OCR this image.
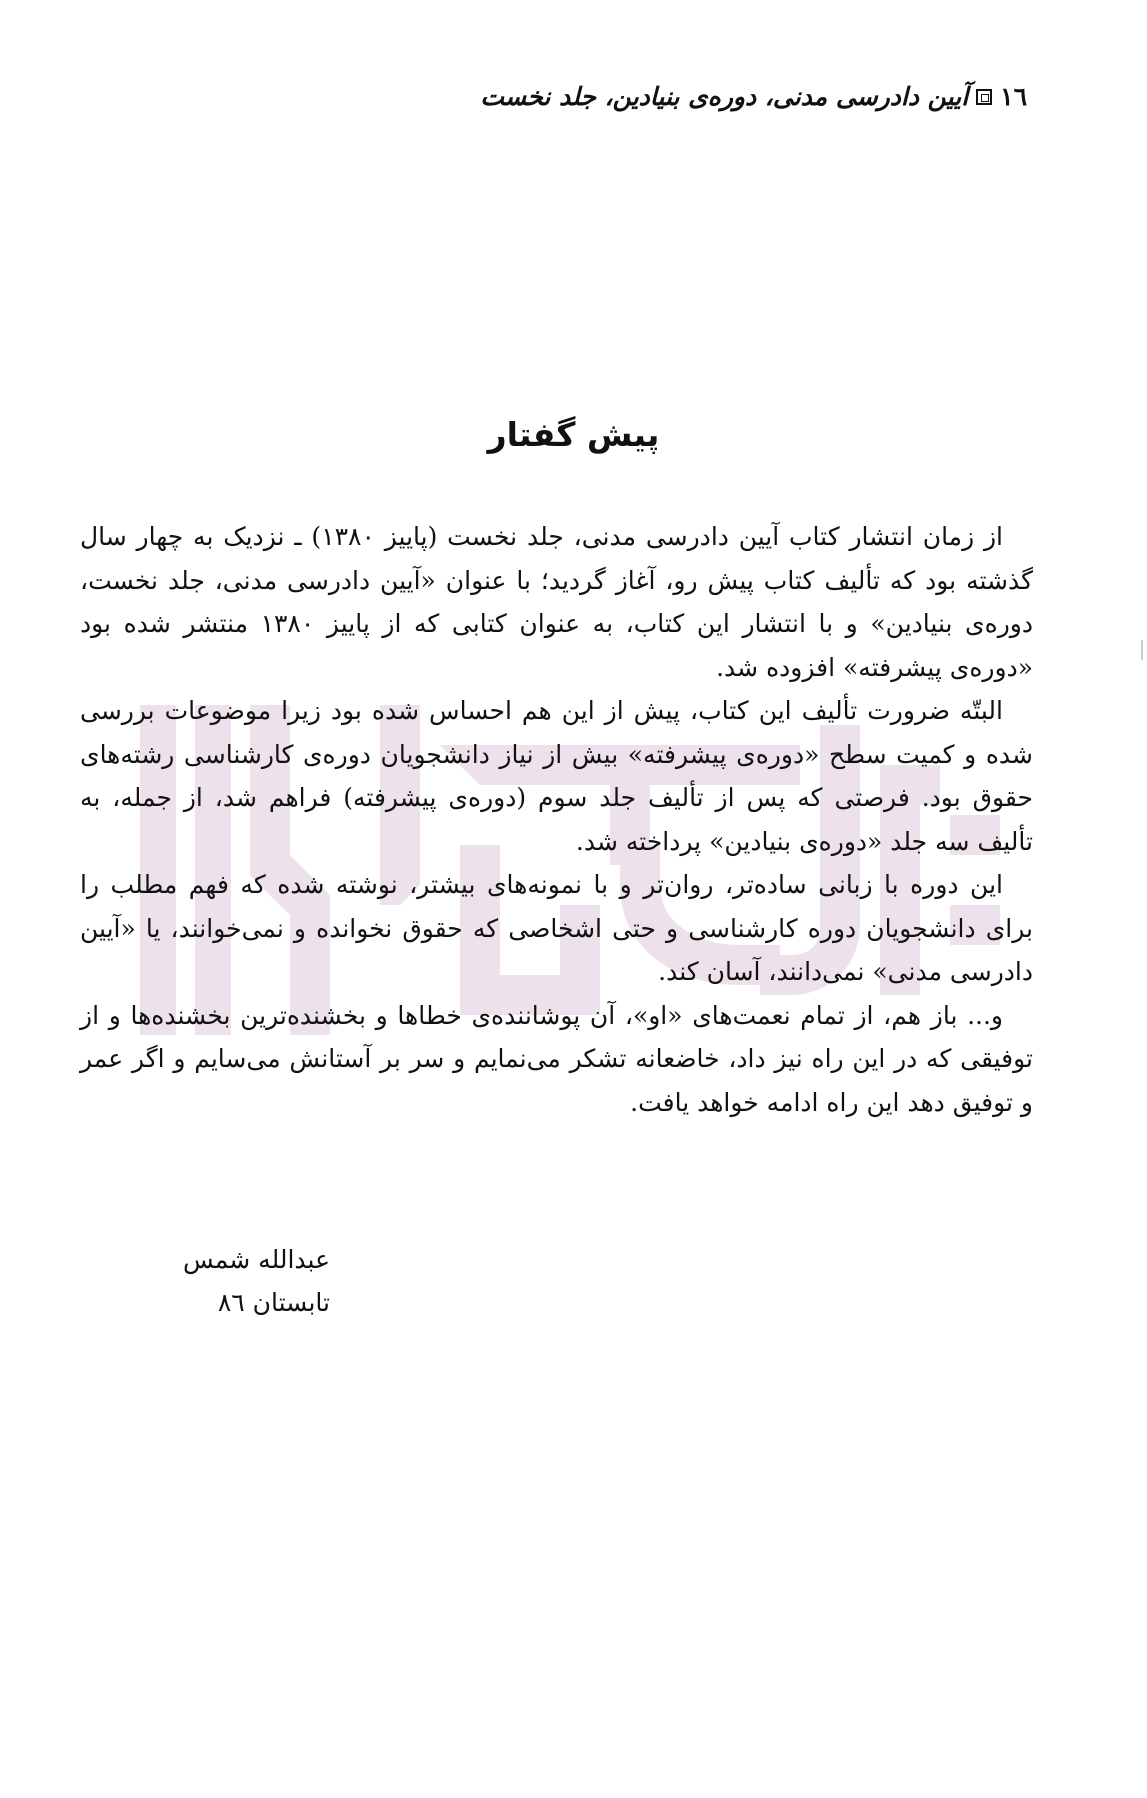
١٦
آیین دادرسی مدنی، دوره‌ی بنیادین، جلد نخست
پیش گفتار

از زمان انتشار کتاب آیین دادرسی مدنی، جلد نخست (پاییز ۱۳۸۰) ـ نزدیک به چهار سال گذشته بود که تألیف کتاب پیش رو، آغاز گردید؛ با عنوان «آیین دادرسی مدنی، جلد نخست، دوره‌ی بنیادین» و با انتشار این کتاب، به عنوان کتابی که از پاییز ۱۳۸۰ منتشر شده بود «دوره‌ی پیشرفته» افزوده شد.

البتّه ضرورت تألیف این کتاب، پیش از این هم احساس شده بود زیرا موضوعات بررسی شده و کمیت سطح «دوره‌ی پیشرفته» بیش از نیاز دانشجویان دوره‌ی کارشناسی رشته‌های حقوق بود. فرصتی که پس از تألیف جلد سوم (دوره‌ی پیشرفته) فراهم شد، از جمله، به تألیف سه جلد «دوره‌ی بنیادین» پرداخته شد.

این دوره با زبانی ساده‌تر، روان‌تر و با نمونه‌های بیشتر، نوشته شده که فهم مطلب را برای دانشجویان دوره کارشناسی و حتی اشخاصی که حقوق نخوانده و نمی‌خوانند، یا «آیین دادرسی مدنی» نمی‌دانند، آسان کند.

و... باز هم، از تمام نعمت‌های «او»، آن پوشاننده‌ی خطاها و بخشنده‌ترین بخشنده‌ها و از توفیقی که در این راه نیز داد، خاضعانه تشکر می‌نمایم و سر بر آستانش می‌سایم و اگر عمر و توفیق دهد این راه ادامه خواهد یافت.

عبدالله شمس
تابستان ۸٦
